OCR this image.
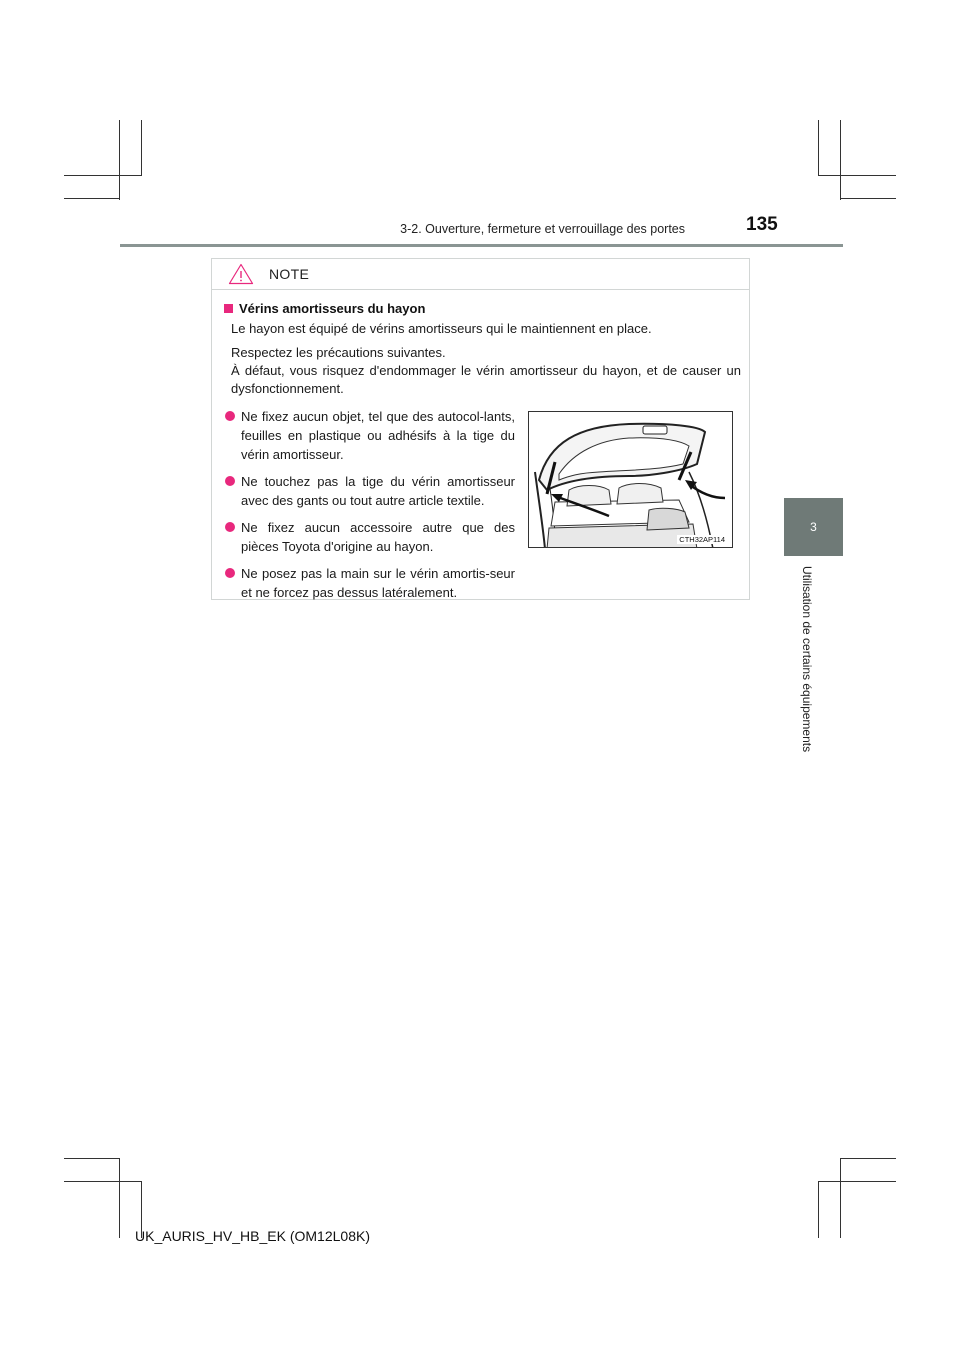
3-2. Ouverture, fermeture et verrouillage des portes	135
3
Utilisation de certains équipements
NOTE
Vérins amortisseurs du hayon
Le hayon est équipé de vérins amortisseurs qui le maintiennent en place.
Respectez les précautions suivantes.
À défaut, vous risquez d'endommager le vérin amortisseur du hayon, et de causer un dysfonctionnement.
Ne fixez aucun objet, tel que des autocol-lants, feuilles en plastique ou adhésifs à la tige du vérin amortisseur.
Ne touchez pas la tige du vérin amortisseur avec des gants ou tout autre article textile.
Ne fixez aucun accessoire autre que des pièces Toyota d'origine au hayon.
Ne posez pas la main sur le vérin amortis-seur et ne forcez pas dessus latéralement.
CTH32AP114
UK_AURIS_HV_HB_EK (OM12L08K)
